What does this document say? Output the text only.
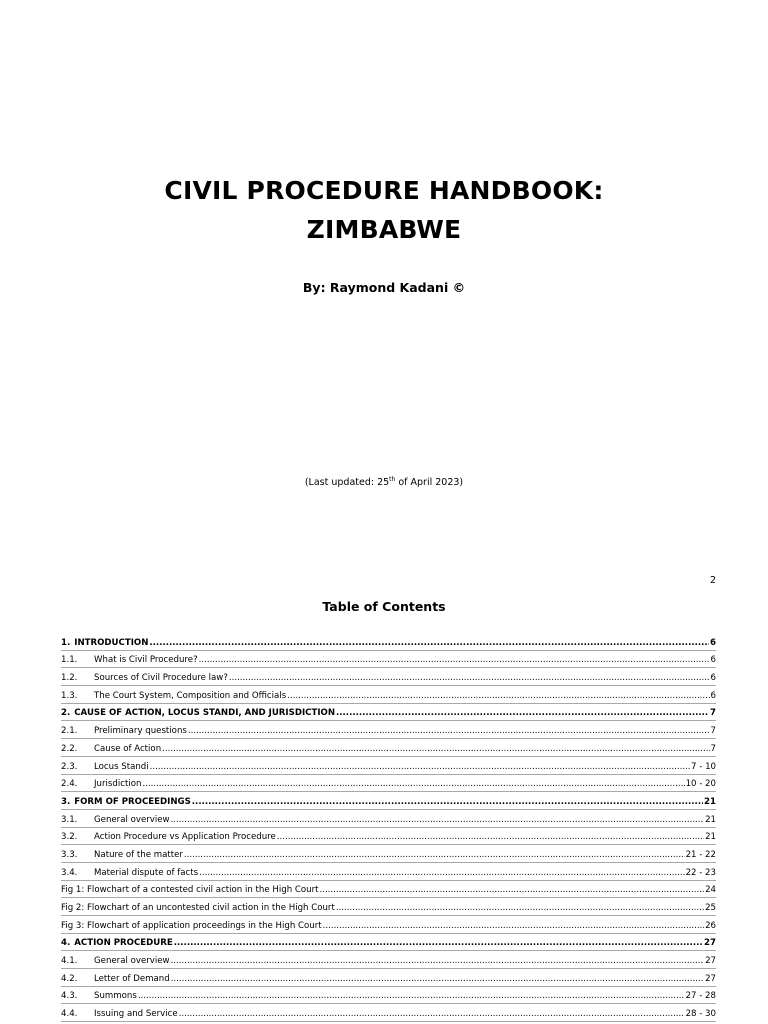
CIVIL PROCEDURE HANDBOOK:
ZIMBABWE
By: Raymond Kadani ©
(Last updated: 25th of April 2023)
2
Table of Contents
1. INTRODUCTION .....	6
1.1.	What is Civil Procedure? .....	6
1.2.	Sources of Civil Procedure law? .....	6
1.3.	The Court System, Composition and Officials .....	6
2. CAUSE OF ACTION, LOCUS STANDI, AND JURISDICTION .....	7
2.1.	Preliminary questions .....	7
2.2.	Cause of Action .....	7
2.3.	Locus Standi .....	7 - 10
2.4.	Jurisdiction .....	10 - 20
3. FORM OF PROCEEDINGS .....	21
3.1.	General overview .....	21
3.2.	Action Procedure vs Application Procedure .....	21
3.3.	Nature of the matter .....	21 - 22
3.4.	Material dispute of facts .....	22 - 23
Fig 1: Flowchart of a contested civil action in the High Court .....	24
Fig 2: Flowchart of an uncontested civil action in the High Court .....	25
Fig 3: Flowchart of application proceedings in the High Court .....	26
4. ACTION PROCEDURE .....	27
4.1.	General overview .....	27
4.2.	Letter of Demand .....	27
4.3.	Summons .....	27 - 28
4.4.	Issuing and Service .....	28 - 30
